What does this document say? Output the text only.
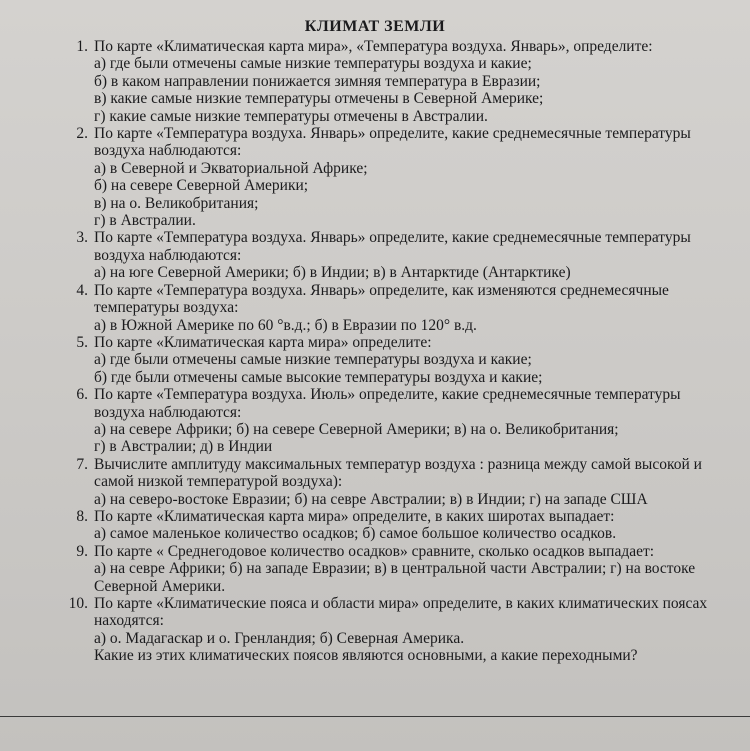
КЛИМАТ ЗЕМЛИ
1. По карте «Климатическая карта мира», «Температура воздуха. Январь», определите:
а) где были отмечены самые низкие температуры воздуха и какие;
б) в каком направлении понижается зимняя температура в Евразии;
в) какие самые низкие температуры отмечены в Северной Америке;
г) какие самые низкие температуры отмечены в Австралии.
2. По карте «Температура воздуха. Январь» определите, какие среднемесячные температуры
воздуха наблюдаются:
а) в Северной и Экваториальной Африке;
б) на севере Северной Америки;
в) на о. Великобритания;
г) в Австралии.
3. По карте «Температура воздуха. Январь» определите, какие среднемесячные температуры
воздуха наблюдаются:
а) на юге Северной Америки; б) в Индии; в) в Антарктиде (Антарктике)
4. По карте «Температура воздуха. Январь» определите, как изменяются среднемесячные
температуры воздуха:
а) в Южной Америке по 60 °в.д.; б) в Евразии по 120° в.д.
5. По карте «Климатическая карта мира» определите:
а) где были отмечены самые низкие температуры воздуха и какие;
б) где были отмечены самые высокие температуры воздуха и какие;
6. По карте «Температура воздуха. Июль» определите, какие среднемесячные температуры
воздуха наблюдаются:
а) на севере Африки; б) на севере Северной Америки; в) на о. Великобритания;
г) в Австралии; д) в Индии
7. Вычислите амплитуду максимальных температур воздуха : разница между самой высокой и
самой низкой температурой воздуха):
а) на северо-востоке Евразии; б) на севре Австралии; в) в Индии; г) на западе США
8. По карте «Климатическая карта мира» определите, в каких широтах выпадает:
а) самое маленькое количество осадков; б) самое большое количество осадков.
9. По карте « Среднегодовое количество осадков» сравните, сколько осадков выпадает:
а) на севре Африки; б) на западе Евразии; в) в центральной части Австралии; г) на востоке
Северной Америки.
10. По карте «Климатические пояса и области мира» определите, в каких климатических поясах
находятся:
а) о. Мадагаскар и о. Гренландия; б) Северная Америка.
Какие из этих климатических поясов являются основными, а какие переходными?
